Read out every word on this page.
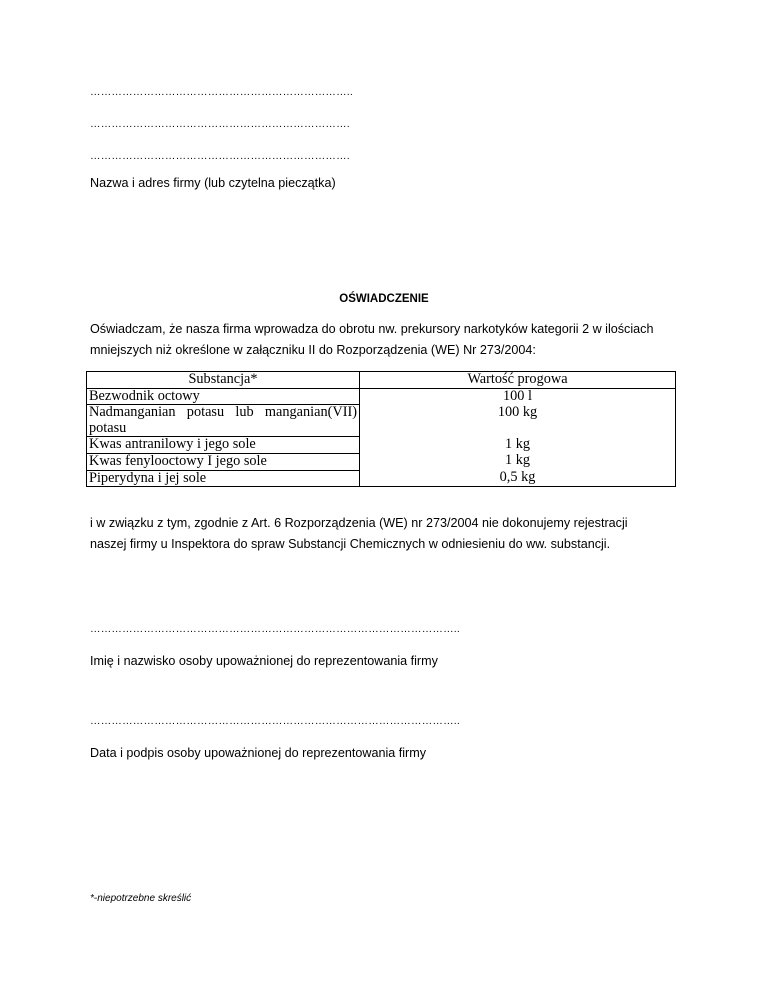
………………………………………………………………..
……………………………………………………………….
……………………………………………………………….
Nazwa i adres firmy (lub czytelna pieczątka)
OŚWIADCZENIE
Oświadczam, że nasza firma wprowadza do obrotu nw. prekursory narkotyków kategorii 2 w ilościach
mniejszych niż określone w załączniku II do Rozporządzenia (WE) Nr 273/2004:
Substancja*	Wartość progowa
Bezwodnik octowy	100 l
Nadmanganian potasu lub manganian(VII) potasu	100 kg
Kwas antranilowy i jego sole	1 kg
Kwas fenylooctowy I jego sole	1 kg
Piperydyna i jej sole	0,5 kg
i w związku z tym, zgodnie z Art. 6 Rozporządzenia (WE) nr 273/2004 nie dokonujemy rejestracji
naszej firmy u Inspektora do spraw Substancji Chemicznych w odniesieniu do ww. substancji.
…………………………………………………………………………………………..
Imię i nazwisko osoby upoważnionej do reprezentowania firmy
…………………………………………………………………………………………..
Data i podpis osoby upoważnionej do reprezentowania firmy
*-niepotrzebne skreślić
